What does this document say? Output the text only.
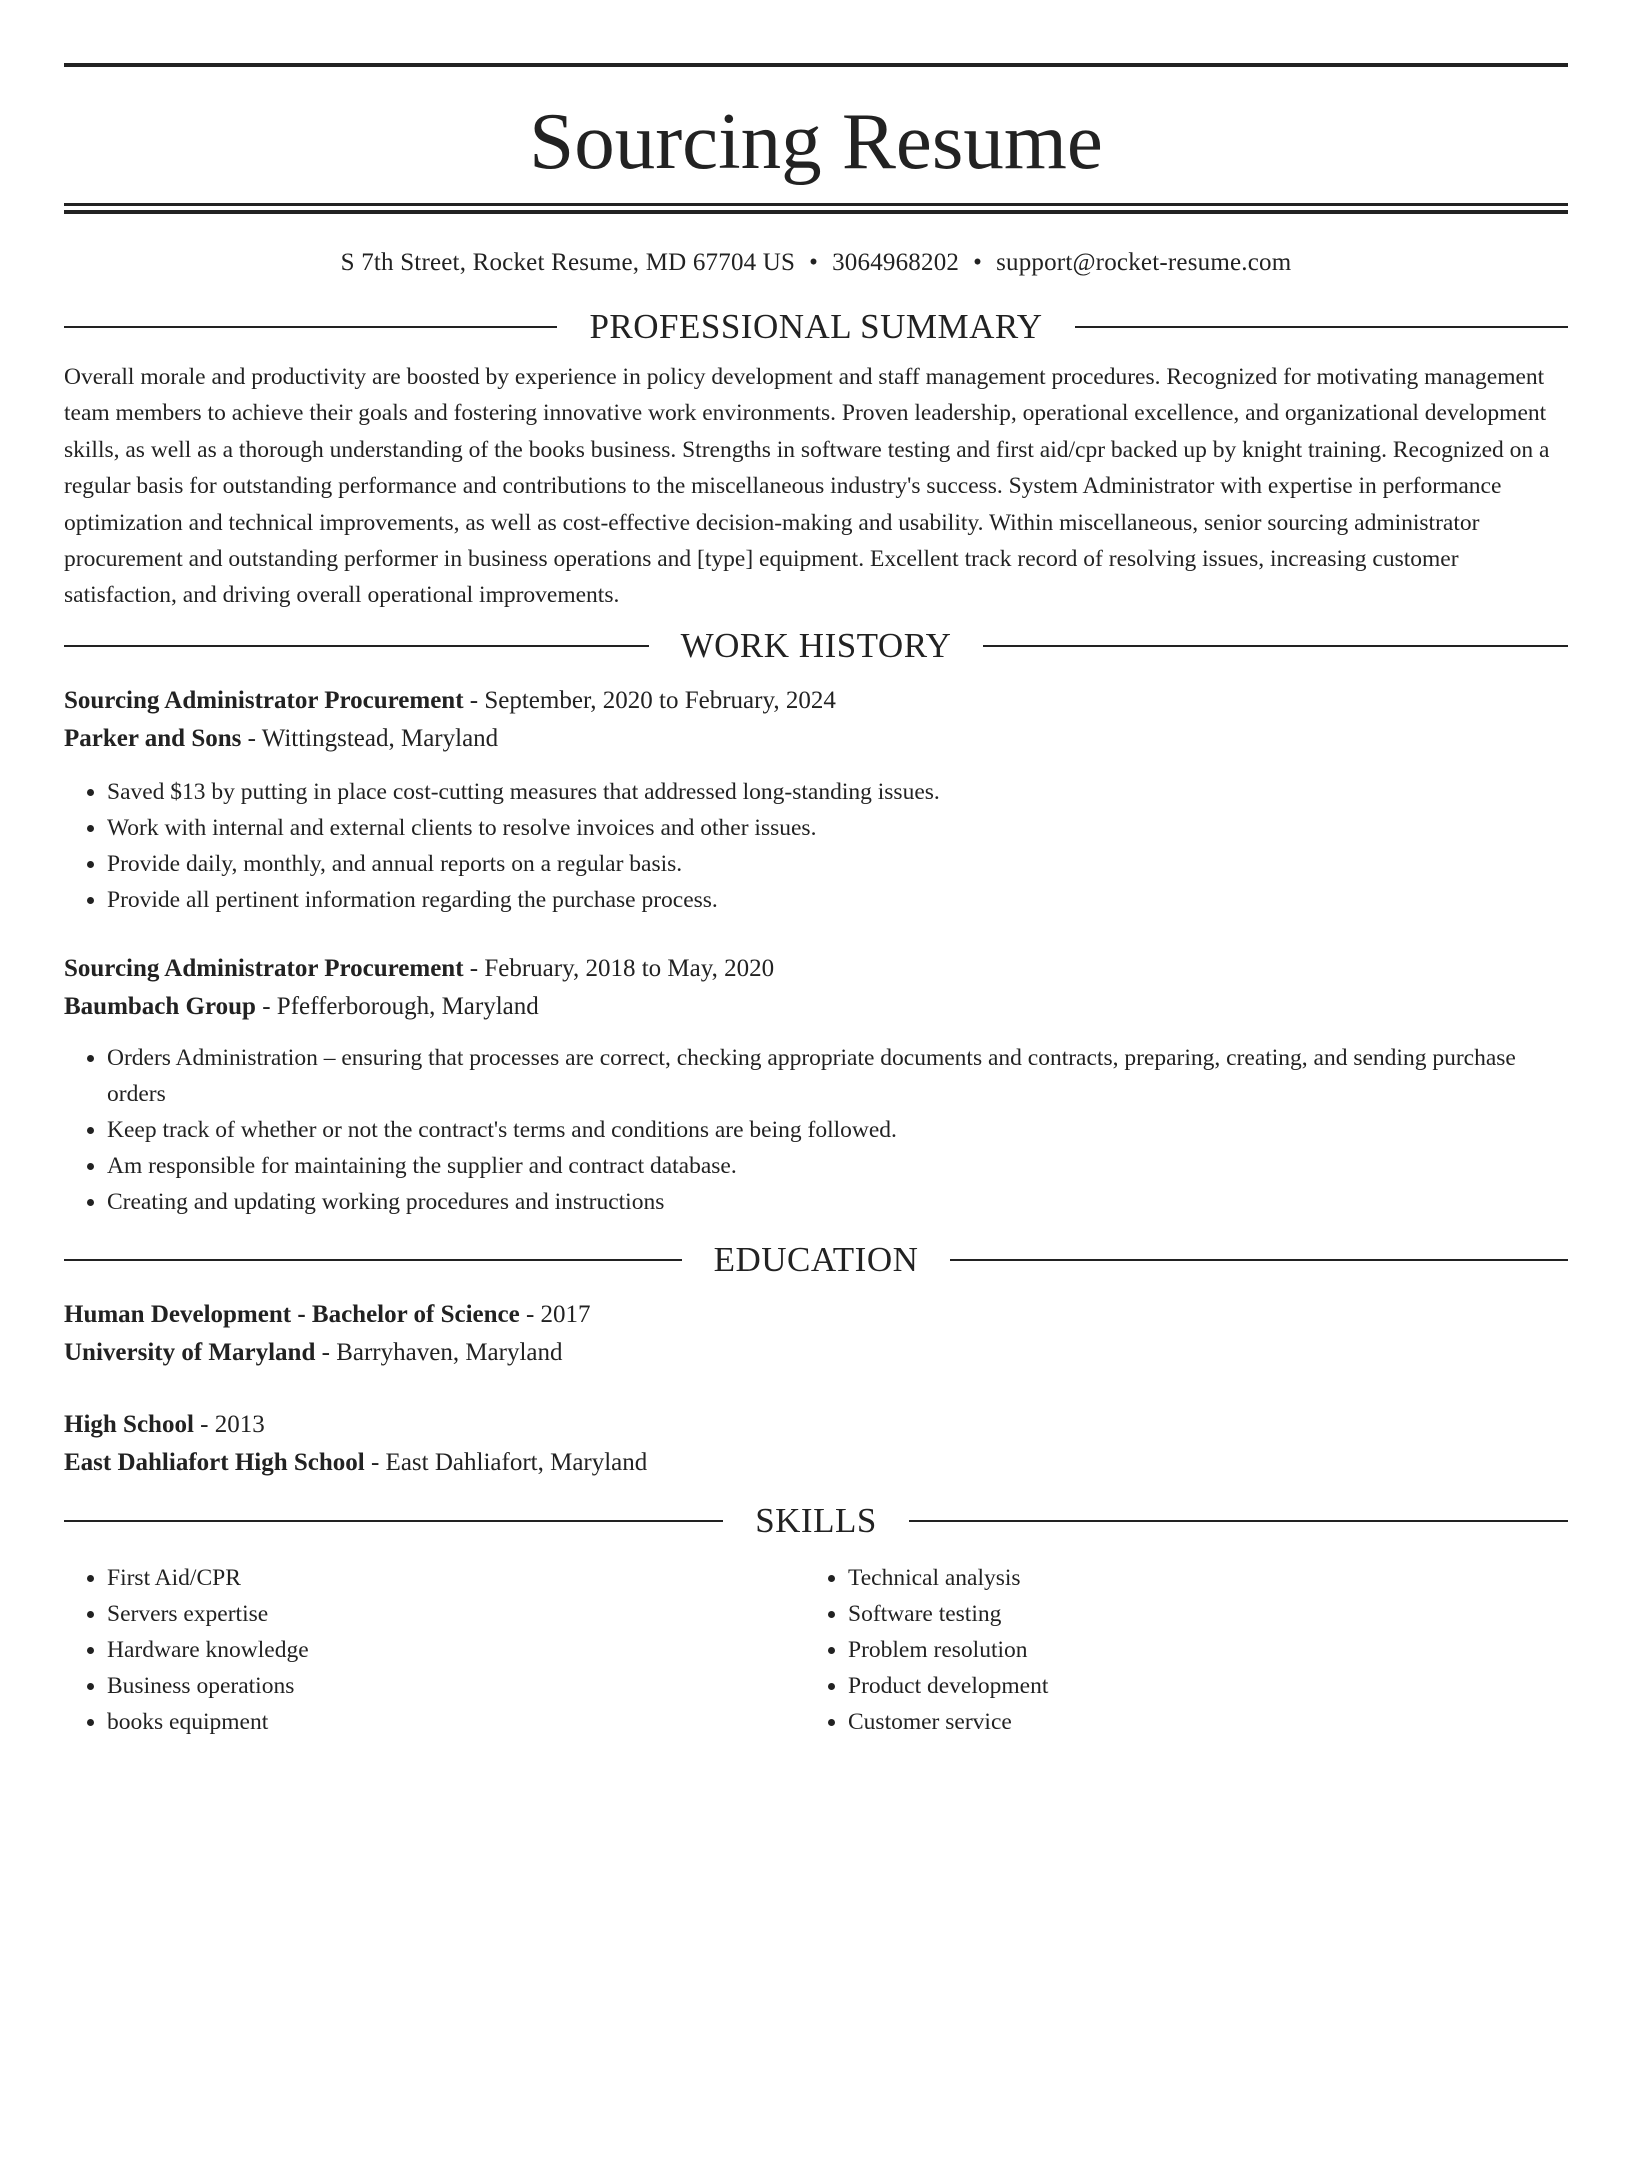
Sourcing Resume
S 7th Street, Rocket Resume, MD 67704 US • 3064968202 • support@rocket-resume.com
PROFESSIONAL SUMMARY
Overall morale and productivity are boosted by experience in policy development and staff management procedures. Recognized for motivating management team members to achieve their goals and fostering innovative work environments. Proven leadership, operational excellence, and organizational development skills, as well as a thorough understanding of the books business. Strengths in software testing and first aid/cpr backed up by knight training. Recognized on a regular basis for outstanding performance and contributions to the miscellaneous industry's success. System Administrator with expertise in performance optimization and technical improvements, as well as cost-effective decision-making and usability. Within miscellaneous, senior sourcing administrator procurement and outstanding performer in business operations and [type] equipment. Excellent track record of resolving issues, increasing customer satisfaction, and driving overall operational improvements.
WORK HISTORY
Sourcing Administrator Procurement - September, 2020 to February, 2024
Parker and Sons - Wittingstead, Maryland
• Saved $13 by putting in place cost-cutting measures that addressed long-standing issues.
• Work with internal and external clients to resolve invoices and other issues.
• Provide daily, monthly, and annual reports on a regular basis.
• Provide all pertinent information regarding the purchase process.
Sourcing Administrator Procurement - February, 2018 to May, 2020
Baumbach Group - Pfefferborough, Maryland
• Orders Administration – ensuring that processes are correct, checking appropriate documents and contracts, preparing, creating, and sending purchase orders
• Keep track of whether or not the contract's terms and conditions are being followed.
• Am responsible for maintaining the supplier and contract database.
• Creating and updating working procedures and instructions
EDUCATION
Human Development - Bachelor of Science - 2017
University of Maryland - Barryhaven, Maryland
High School - 2013
East Dahliafort High School - East Dahliafort, Maryland
SKILLS
• First Aid/CPR
• Servers expertise
• Hardware knowledge
• Business operations
• books equipment
• Technical analysis
• Software testing
• Problem resolution
• Product development
• Customer service
